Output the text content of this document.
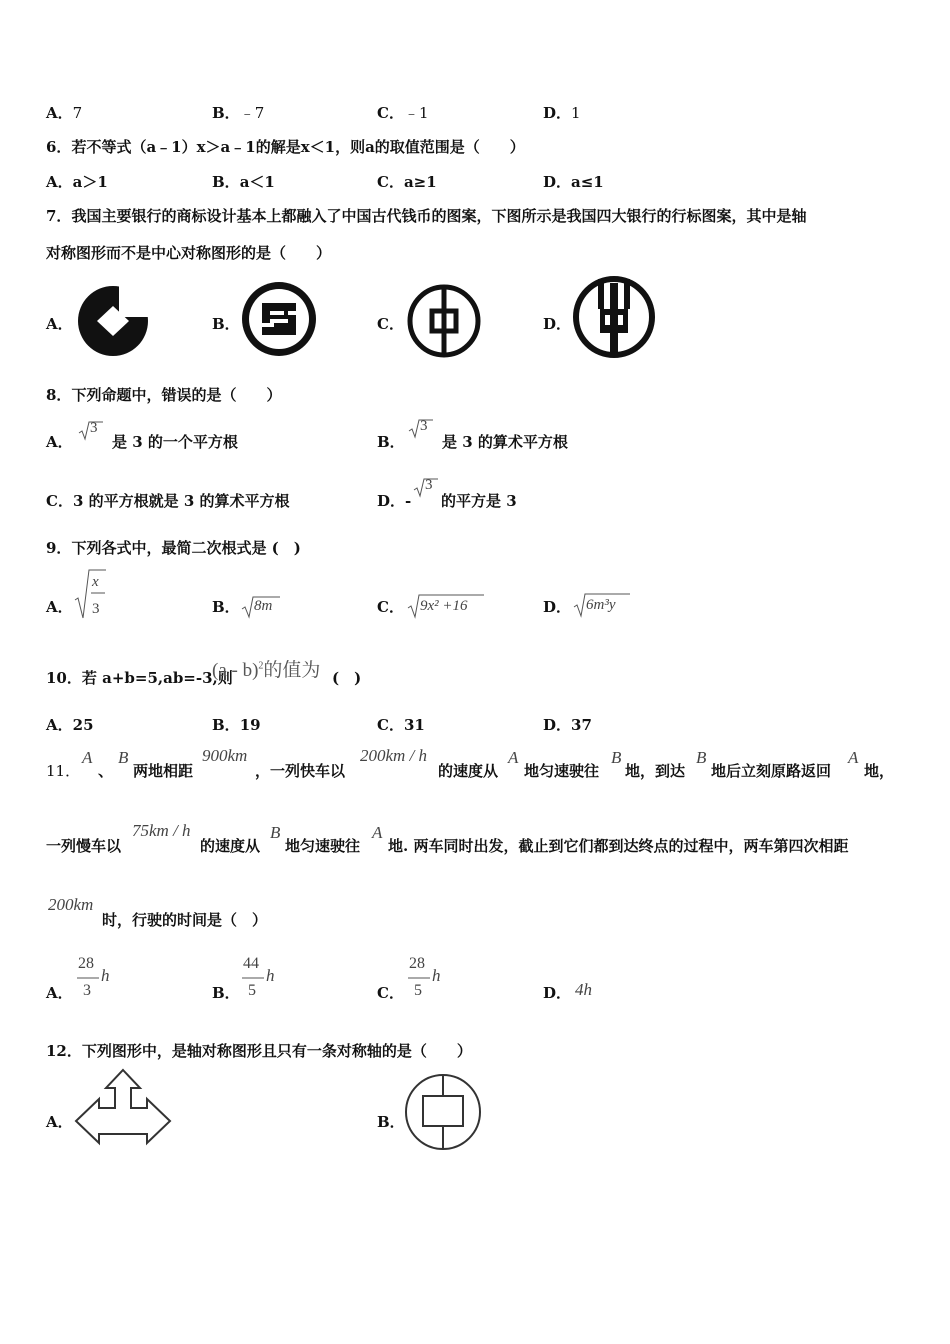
A．7	B．﹣7	C．﹣1	D．1
6．若不等式（a﹣1）x＞a﹣1的解是x＜1，则a的取值范围是（　　）
A．a＞1	B．a＜1	C．a≥1	D．a≤1
7．我国主要银行的商标设计基本上都融入了中国古代钱币的图案，下图所示是我国四大银行的行标图案，其中是轴
对称图形而不是中心对称图形的是（　　）
A．	B．	C．	D．
8．下列命题中，错误的是（　　）
A．
3
是 3 的一个平方根	B．
3
是 3 的算术平方根
C．3 的平方根就是 3 的算术平方根	D．-
3
的平方是 3
9．下列各式中，最简二次根式是 (　)
A．
x
3	B． 8m	C． 9x² +16	D． 6m³y
10．若 a+b=5,ab=-3,则
(a - b)$^2$的值为 (　)
A．25	B．19	C．31	D．37
11．
A
、
B
两地相距
900km
，一列快车以
200km / h
的速度从
A
地匀速驶往
B
地，到达
B
地后立刻原路返回
A
地，
一列慢车以
75km / h
的速度从
B
地匀速驶往
A
地. 两车同时出发，截止到它们都到达终点的过程中，两车第四次相距
200km
时，行驶的时间是（　）
A．
28
3
h
B．
44
5
h
C．
28
5
h
D． 4h
12．下列图形中，是轴对称图形且只有一条对称轴的是（　　）
A．	B．
